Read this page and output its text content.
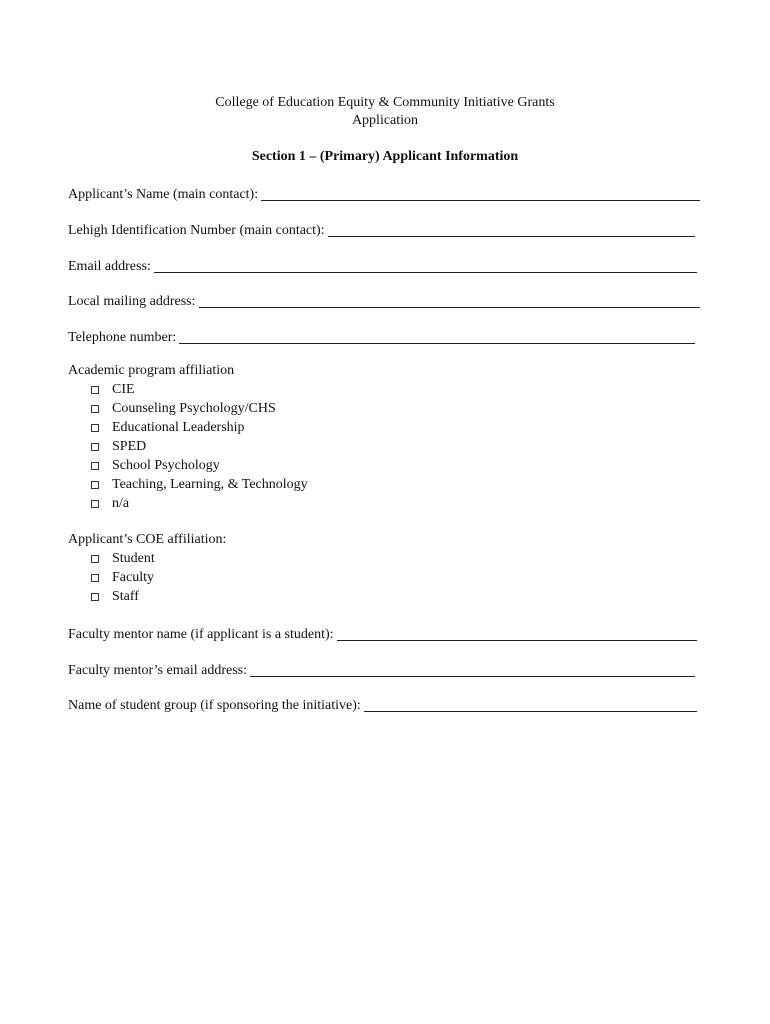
College of Education Equity & Community Initiative Grants
Application
Section 1 – (Primary) Applicant Information
Applicant’s Name (main contact):
Lehigh Identification Number (main contact):
Email address:
Local mailing address:
Telephone number:
Academic program affiliation
CIE
Counseling Psychology/CHS
Educational Leadership
SPED
School Psychology
Teaching, Learning, & Technology
n/a
Applicant’s COE affiliation:
Student
Faculty
Staff
Faculty mentor name (if applicant is a student):
Faculty mentor’s email address:
Name of student group (if sponsoring the initiative):
